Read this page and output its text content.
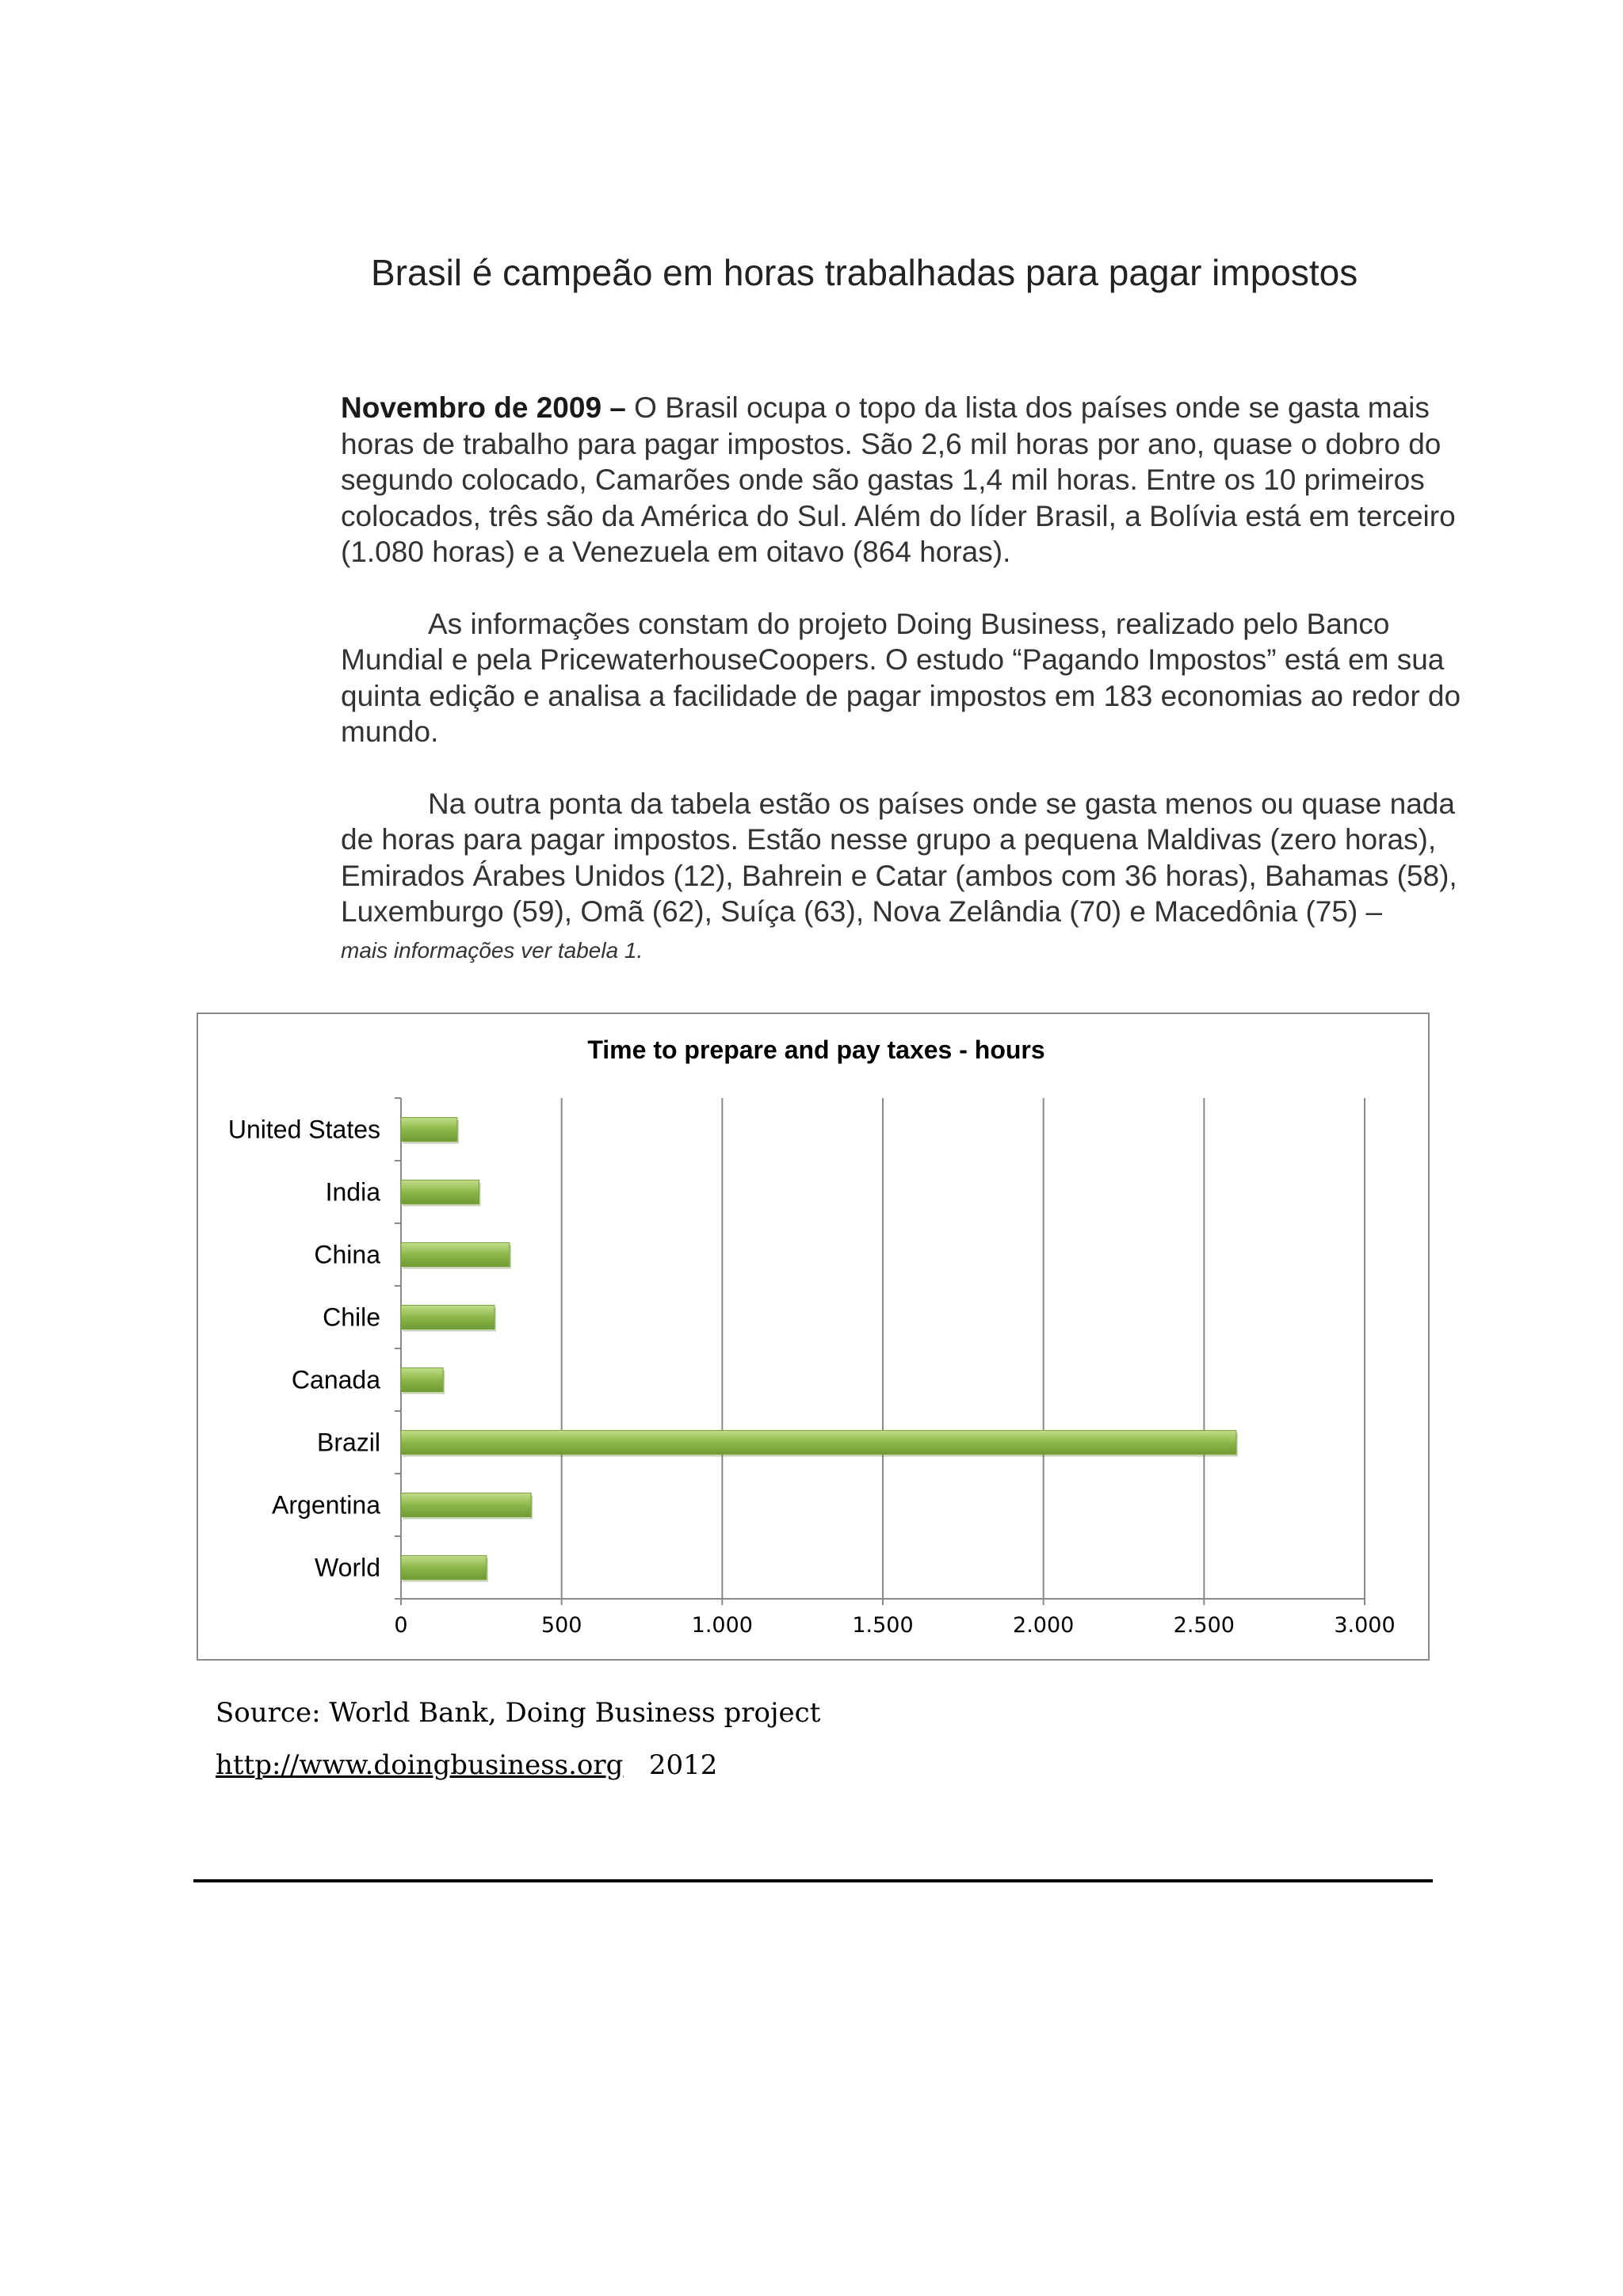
Brasil é campeão em horas trabalhadas para pagar impostos

Novembro de 2009 – O Brasil ocupa o topo da lista dos países onde se gasta mais horas de trabalho para pagar impostos. São 2,6 mil horas por ano, quase o dobro do segundo colocado, Camarões onde são gastas 1,4 mil horas. Entre os 10 primeiros colocados, três são da América do Sul. Além do líder Brasil, a Bolívia está em terceiro (1.080 horas) e a Venezuela em oitavo (864 horas).

As informações constam do projeto Doing Business, realizado pelo Banco Mundial e pela PricewaterhouseCoopers. O estudo “Pagando Impostos” está em sua quinta edição e analisa a facilidade de pagar impostos em 183 economias ao redor do mundo.

Na outra ponta da tabela estão os países onde se gasta menos ou quase nada de horas para pagar impostos. Estão nesse grupo a pequena Maldivas (zero horas), Emirados Árabes Unidos (12), Bahrein e Catar (ambos com 36 horas), Bahamas (58), Luxemburgo (59), Omã (62), Suíça (63), Nova Zelândia (70) e Macedônia (75) –
mais informações ver tabela 1.

Time to prepare and pay taxes - hours
0	500	1.000	1.500	2.000	2.500	3.000
United States
India
China
Chile
Canada
Brazil
Argentina
World
Source: World Bank, Doing Business project
http://www.doingbusiness.org 2012
